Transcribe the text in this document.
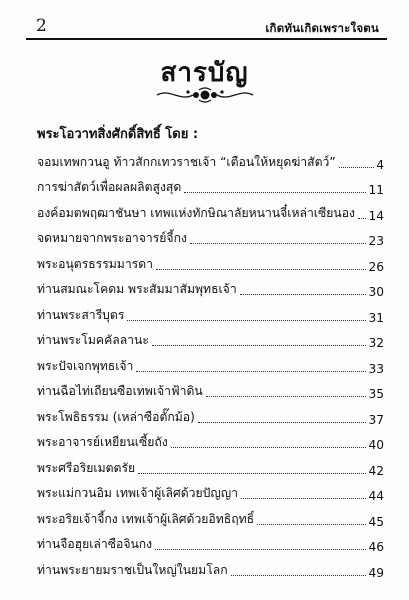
2	เกิดทันเกิดเพราะใจตน
สารบัญ
พระโอวาทสิ่งศักดิ์สิทธิ์ โดย :
จอมเทพกวนอู ท้าวสักกเทวราชเจ้า “เตือนให้หยุดฆ่าสัตว์”	4
การฆ่าสัตว์เพื่อผลผลิตสูงสุด	11
องค์อมตพฤฒาชันษา เทพแห่งทักษิณาลัยหนานจี๋เหล่าเซียนอง 14
จดหมายจากพระอาจารย์จี้กง	23
พระอนุตรธรรมมารดา	26
ท่านสมณะโคดม พระสัมมาสัมพุทธเจ้า	30
ท่านพระสารีบุตร	31
ท่านพระโมคคัลลานะ	32
พระปัจเจกพุทธเจ้า	33
ท่านฉือไท่เถียนซือเทพเจ้าฟ้าดิน	35
พระโพธิธรรม (เหล่าซือตั๊กม้อ)	37
พระอาจารย์เหยียนเซี้ยถัง	40
พระศรีอริยเมตตรัย	42
พระแม่กวนอิม เทพเจ้าผู้เลิศด้วยปัญญา	44
พระอริยเจ้าจี้กง เทพเจ้าผู้เลิศด้วยอิทธิฤทธิ์	45
ท่านจือฮุยเล่าซือจินกง	46
ท่านพระยายมราชเป็นใหญ่ในยมโลก	49
